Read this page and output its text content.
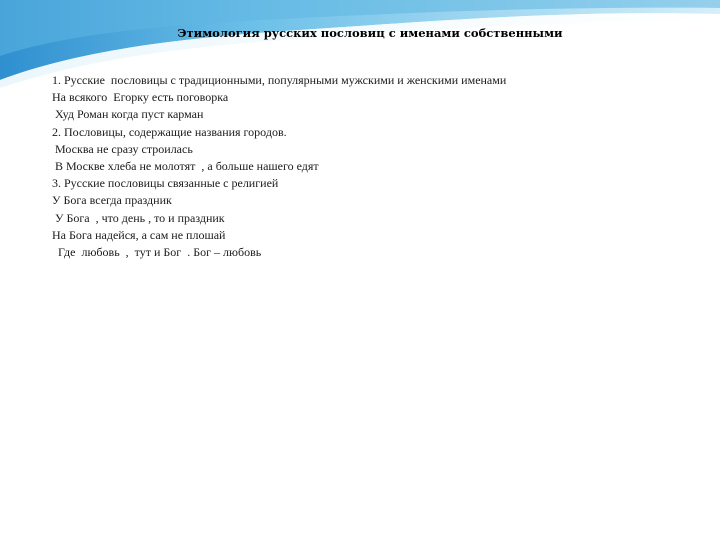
Этимология русских пословиц с именами собственными
1. Русские  пословицы с традиционными, популярными мужскими и женскими именами
На всякого  Егорку есть поговорка
Худ Роман когда пуст карман
2. Пословицы, содержащие названия городов.
Москва не сразу строилась
В Москве хлеба не молотят  , а больше нашего едят
3. Русские пословицы связанные с религией
У Бога всегда праздник
У Бога  , что день , то и праздник
На Бога надейся, а сам не плошай
Где  любовь  ,  тут и Бог  . Бог – любовь
